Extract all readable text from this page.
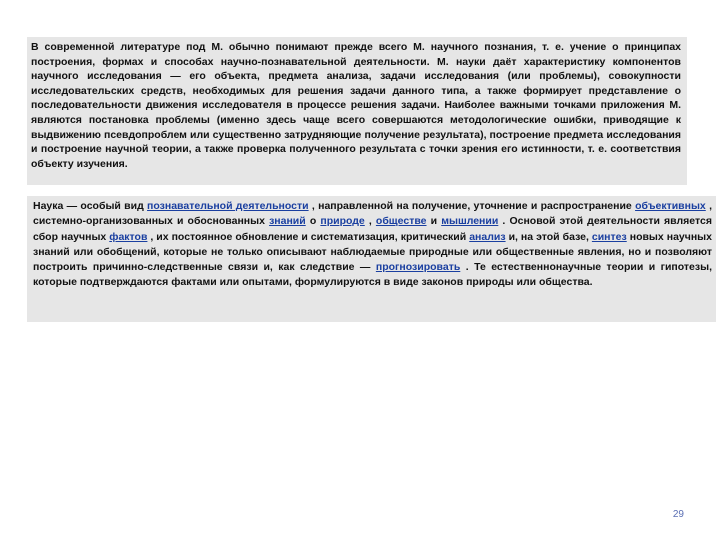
В современной литературе под М. обычно понимают прежде всего М. научного познания, т. е. учение о принципах построения, формах и способах научно-познавательной деятельности. М. науки даёт характеристику компонентов научного исследования — его объекта, предмета анализа, задачи исследования (или проблемы), совокупности исследовательских средств, необходимых для решения задачи данного типа, а также формирует представление о последовательности движения исследователя в процессе решения задачи. Наиболее важными точками приложения М. являются постановка проблемы (именно здесь чаще всего совершаются методологические ошибки, приводящие к выдвижению псевдопроблем или существенно затрудняющие получение результата), построение предмета исследования и построение научной теории, а также проверка полученного результата с точки зрения его истинности, т. е. соответствия объекту изучения.

Наука — особый вид познавательной деятельности , направленной на получение, уточнение и распространение объективных , системно-организованных и обоснованных знаний о природе , обществе и мышлении . Основой этой деятельности является сбор научных фактов , их постоянное обновление и систематизация, критический анализ и, на этой базе, синтез новых научных знаний или обобщений, которые не только описывают наблюдаемые природные или общественные явления, но и позволяют построить причинно-следственные связи и, как следствие — прогнозировать . Те естественнонаучные теории и гипотезы, которые подтверждаются фактами или опытами, формулируются в виде законов природы или общества.

29
